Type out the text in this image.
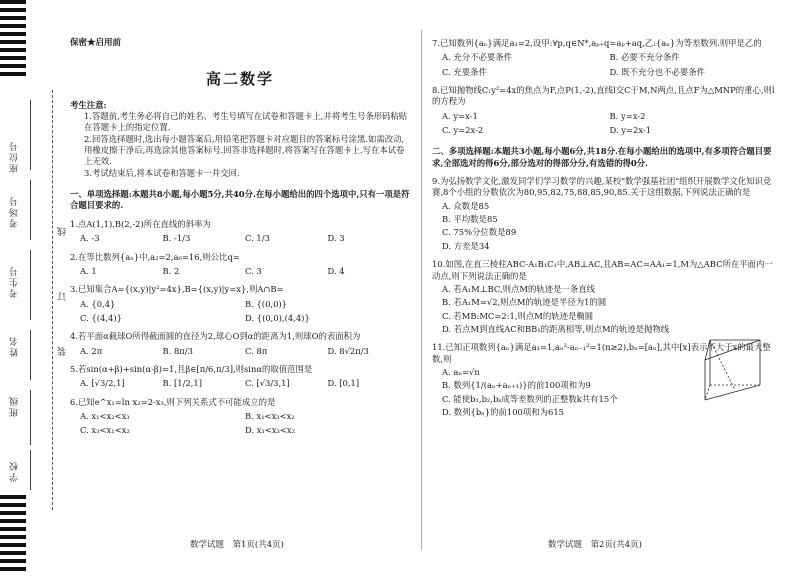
座位号
考场号
考生号
姓名
班级
学校
线
订
装
保密★启用前
高二数学
考生注意:
1.答题前,考生务必将自己的姓名、考生号填写在试卷和答题卡上,并将考生号条形码粘贴在答题卡上的指定位置.
2.回答选择题时,选出每小题答案后,用铅笔把答题卡对应题目的答案标号涂黑.如需改动,用橡皮擦干净后,再选涂其他答案标号.回答非选择题时,将答案写在答题卡上.写在本试卷上无效.
3.考试结束后,将本试卷和答题卡一并交回.
一、单项选择题:本题共8小题,每小题5分,共40分.在每小题给出的四个选项中,只有一项是符合题目要求的.
1.点A(1,1),B(2,-2)所在直线的斜率为
A. -3	B. -1/3	C. 1/3	D. 3
2.在等比数列{aₙ}中,a₂=2,a₆=16,则公比q=
A. 1	B. 2	C. 3	D. 4
3.已知集合A={(x,y)|y²=4x},B={(x,y)|y=x},则A∩B=
A. {0,4}	B. {(0,0)}
C. {(4,4)}	D. {(0,0),(4,4)}
4.若平面α截球O所得截面圆的直径为2,球心O到α的距离为1,则球O的表面积为
A. 2π	B. 8π/3	C. 8π	D. 8√2π/3
5.若sin(α+β)+sin(α-β)=1,且β∈[π/6,π/3],则sinα的取值范围是
A. [√3/2,1]	B. [1/2,1]	C. [√3/3,1]	D. [0,1]
6.已知e^x₁=ln x₂=2-x₃,则下列关系式不可能成立的是
A. x₁<x₂<x₃	B. x₁<x₃<x₂
C. x₃<x₁<x₂	D. x₁<x₃<x₂
数学试题　第1页(共4页)
7.已知数列{aₙ}满足a₁=2,设甲:∀p,q∈N*,aₚ₊q=aₚ+aq,乙:{aₙ}为等差数列.则甲是乙的
A. 充分不必要条件	B. 必要不充分条件
C. 充要条件	D. 既不充分也不必要条件
8.已知抛物线C:y²=4x的焦点为F,点P(1,-2),直线l交C于M,N两点,且点F为△MNP的重心,则l的方程为
A. y=x-1	B. y=x-2
C. y=2x-2	D. y=2x-1
二、多项选择题:本题共3小题,每小题6分,共18分.在每小题给出的选项中,有多项符合题目要求,全部选对的得6分,部分选对的得部分分,有选错的得0分.
9.为弘扬数学文化,激发同学们学习数学的兴趣,某校"数学强基社团"组织开展数学文化知识竞赛,8个小组的分数依次为80,95,82,75,88,85,90,85.关于这组数据,下列说法正确的是
A. 众数是85
B. 平均数是85
C. 75%分位数是89
D. 方差是34
10.如图,在直三棱柱ABC-A₁B₁C₁中,AB⊥AC,且AB=AC=AA₁=1,M为△ABC所在平面内一动点,则下列说法正确的是
A. 若A₁M⊥BC,则点M的轨迹是一条直线
B. 若A₁M=√2,则点M的轨迹是半径为1的圆
C. 若MB:MC=2:1,则点M的轨迹是椭圆
D. 若点M到直线AC和BB₁的距离相等,则点M的轨迹是抛物线
11.已知正项数列{aₙ}满足a₁=1,aₙ²-aₙ₋₁²=1(n≥2),bₙ=[aₙ],其中[x]表示不大于x的最大整数,则
A. aₙ=√n
B. 数列{1/(aₙ+aₙ₊₁)}的前100项和为9
C. 能使b₁,b₂,bₖ成等差数列的正整数k共有15个
D. 数列{bₙ}的前100项和为615
数学试题　第2页(共4页)
